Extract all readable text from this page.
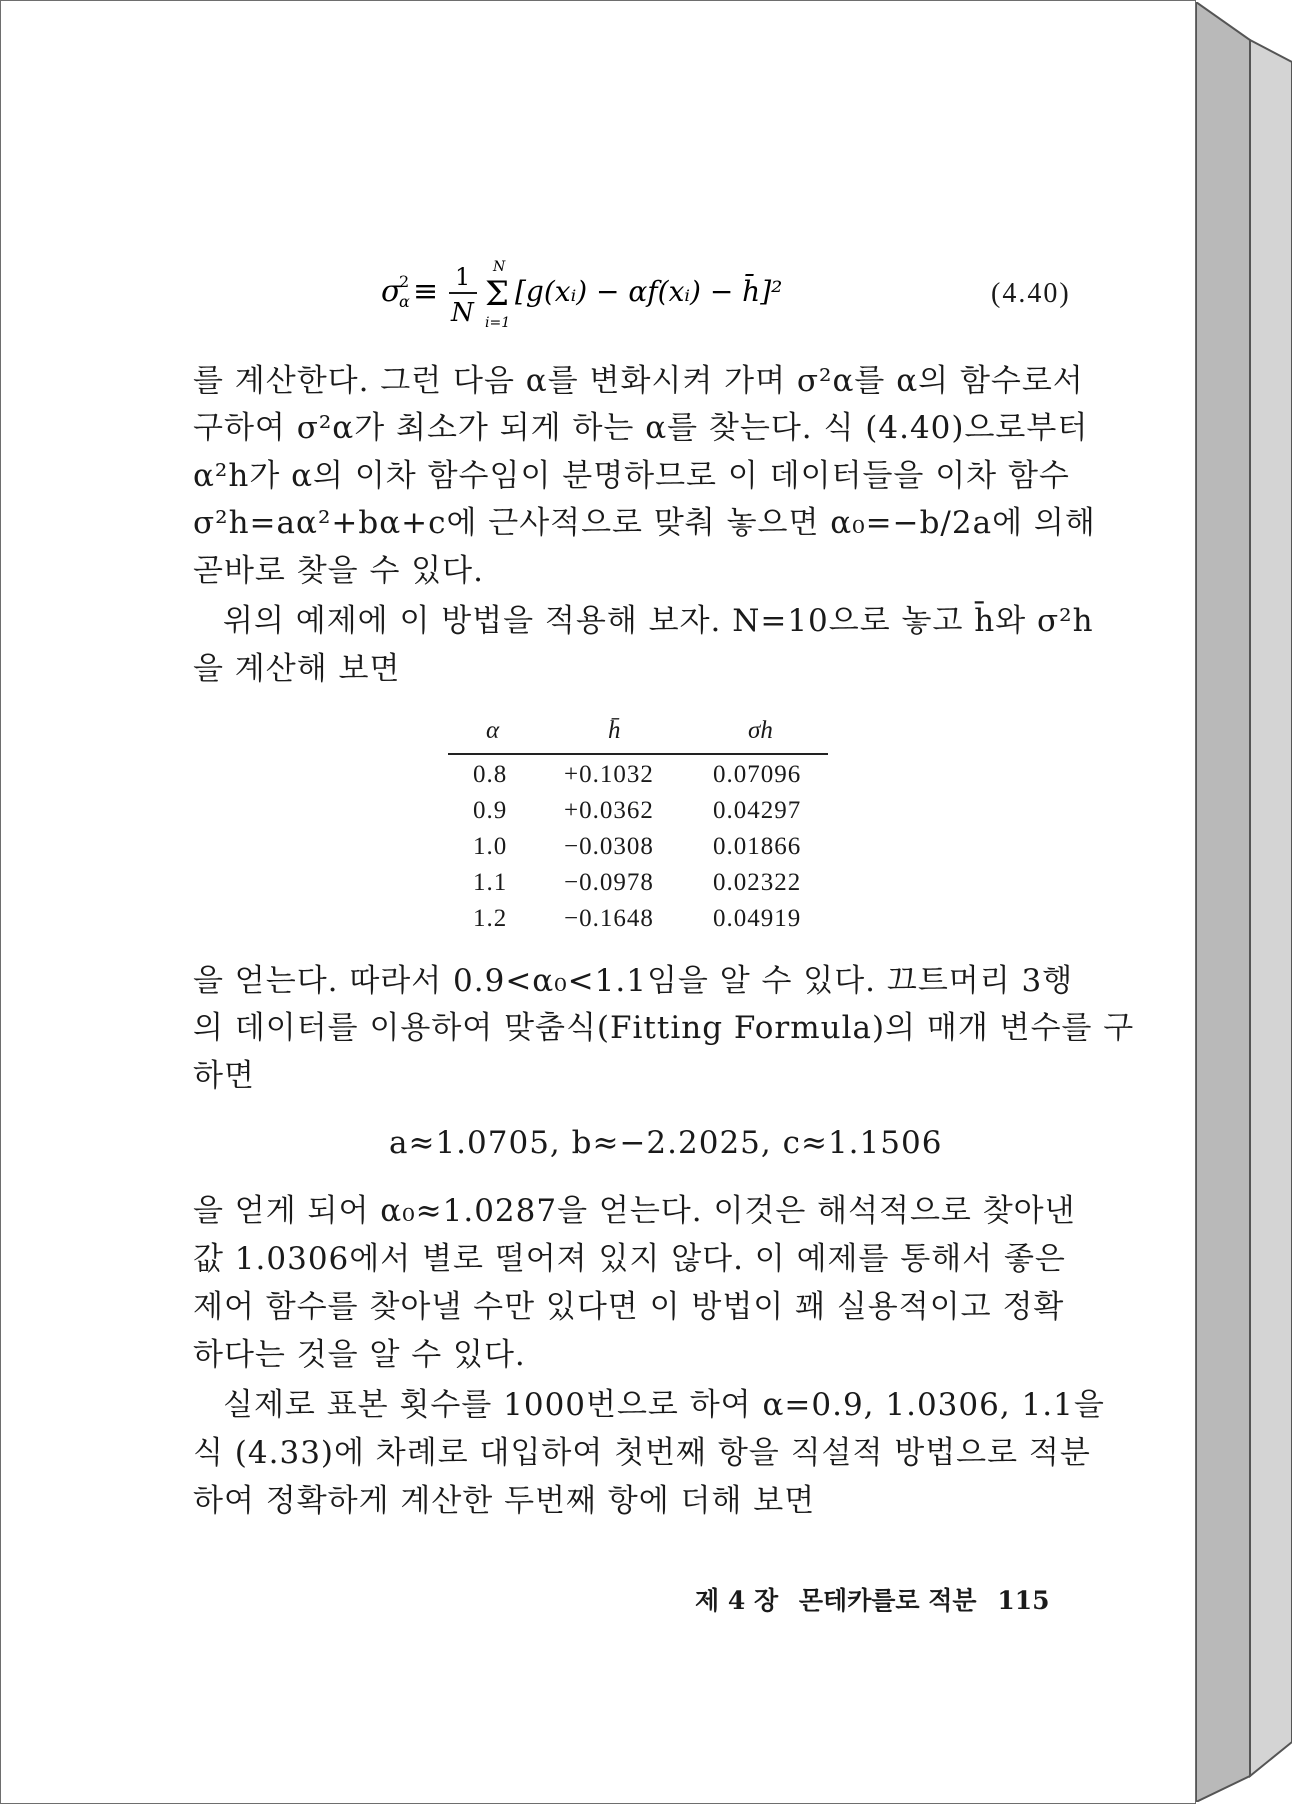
σ
2
α ≡ 1
N
N
Σ
i=1
[g(xᵢ) − αf(xᵢ) − h̄]²	(4.40)
를 계산한다. 그런 다음 α를 변화시켜 가며 σ²α를 α의 함수로서
구하여 σ²α가 최소가 되게 하는 α를 찾는다. 식 (4.40)으로부터
α²h가 α의 이차 함수임이 분명하므로 이 데이터들을 이차 함수
σ²h=aα²+bα+c에 근사적으로 맞춰 놓으면 α₀=−b/2a에 의해
곧바로 찾을 수 있다.
위의 예제에 이 방법을 적용해 보자. N=10으로 놓고 h̄와 σ²h
을 계산해 보면
α	h̄	σh
0.8 +0.1032 0.07096
0.9 +0.0362 0.04297
1.0 −0.0308 0.01866
1.1 −0.0978 0.02322
1.2 −0.1648 0.04919
을 얻는다. 따라서 0.9<α₀<1.1임을 알 수 있다. 끄트머리 3행
의 데이터를 이용하여 맞춤식(Fitting Formula)의 매개 변수를 구
하면
a≈1.0705, b≈−2.2025, c≈1.1506
을 얻게 되어 α₀≈1.0287을 얻는다. 이것은 해석적으로 찾아낸
값 1.0306에서 별로 떨어져 있지 않다. 이 예제를 통해서 좋은
제어 함수를 찾아낼 수만 있다면 이 방법이 꽤 실용적이고 정확
하다는 것을 알 수 있다.
실제로 표본 횟수를 1000번으로 하여 α=0.9, 1.0306, 1.1을
식 (4.33)에 차례로 대입하여 첫번째 항을 직설적 방법으로 적분
하여 정확하게 계산한 두번째 항에 더해 보면
제 4 장 몬테카를로 적분 115
